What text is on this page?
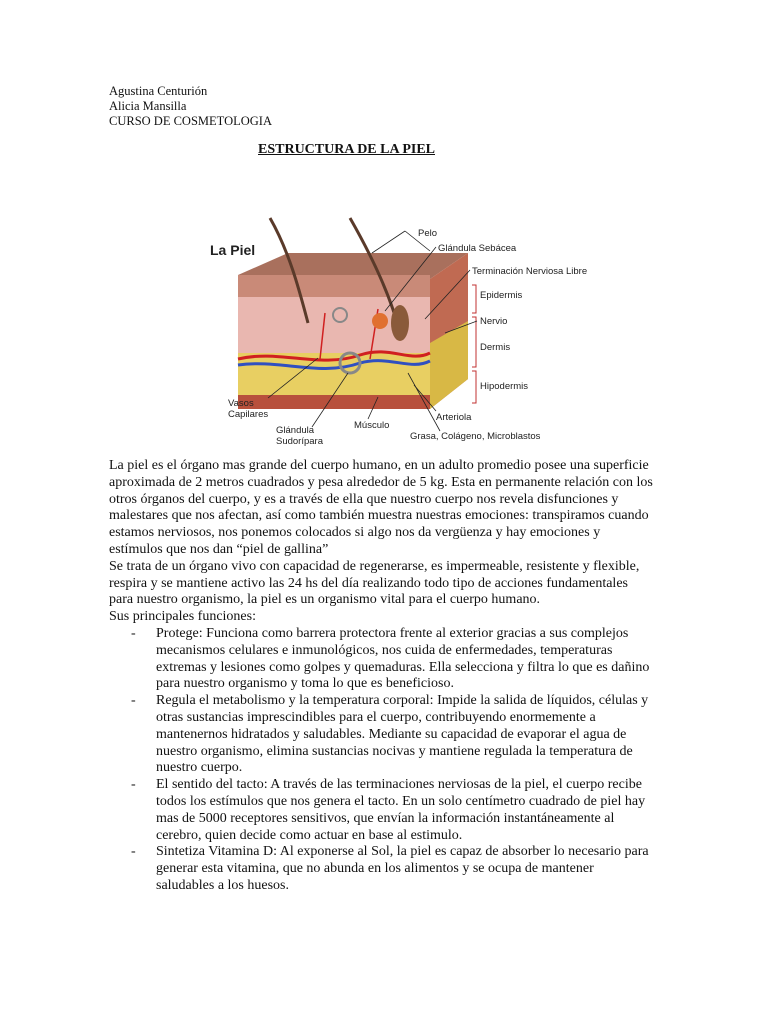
Agustina Centurión
Alicia Mansilla
CURSO DE COSMETOLOGIA
ESTRUCTURA DE LA PIEL
La Piel
Pelo
Glándula Sebácea
Terminación Nerviosa Libre
Epidermis
Nervio
Dermis
Hipodermis
Arteriola
Vasos
Capilares
Glándula
Sudorípara
Músculo
Grasa, Colágeno, Microblastos

La piel es el órgano mas grande del cuerpo humano, en un adulto promedio posee una superficie aproximada de 2 metros cuadrados y pesa alrededor de 5 kg. Esta en permanente relación con los otros órganos del cuerpo, y es a través de ella que nuestro cuerpo nos revela disfunciones y malestares que nos afectan, así como también muestra nuestras emociones: transpiramos cuando estamos nerviosos, nos ponemos colocados si algo nos da vergüenza y hay emociones y estímulos que nos dan “piel de gallina”

Se trata de un órgano vivo con capacidad de regenerarse, es impermeable, resistente y flexible, respira y se mantiene activo las 24 hs del día realizando todo tipo de acciones fundamentales para nuestro organismo, la piel es un organismo vital para el cuerpo humano.

Sus principales funciones:

- Protege: Funciona como barrera protectora frente al exterior gracias a sus complejos mecanismos celulares e inmunológicos, nos cuida de enfermedades, temperaturas extremas y lesiones como golpes y quemaduras. Ella selecciona y filtra lo que es dañino para nuestro organismo y toma lo que es beneficioso.
- Regula el metabolismo y la temperatura corporal: Impide la salida de líquidos, células y otras sustancias imprescindibles para el cuerpo, contribuyendo enormemente a mantenernos hidratados y saludables. Mediante su capacidad de evaporar el agua de nuestro organismo, elimina sustancias nocivas y mantiene regulada la temperatura de nuestro cuerpo.
- El sentido del tacto: A través de las terminaciones nerviosas de la piel, el cuerpo recibe todos los estímulos que nos genera el tacto. En un solo centímetro cuadrado de piel hay mas de 5000 receptores sensitivos, que envían la información instantáneamente al cerebro, quien decide como actuar en base al estimulo.
- Sintetiza Vitamina D: Al exponerse al Sol, la piel es capaz de absorber lo necesario para generar esta vitamina, que no abunda en los alimentos y se ocupa de mantener saludables a los huesos.
